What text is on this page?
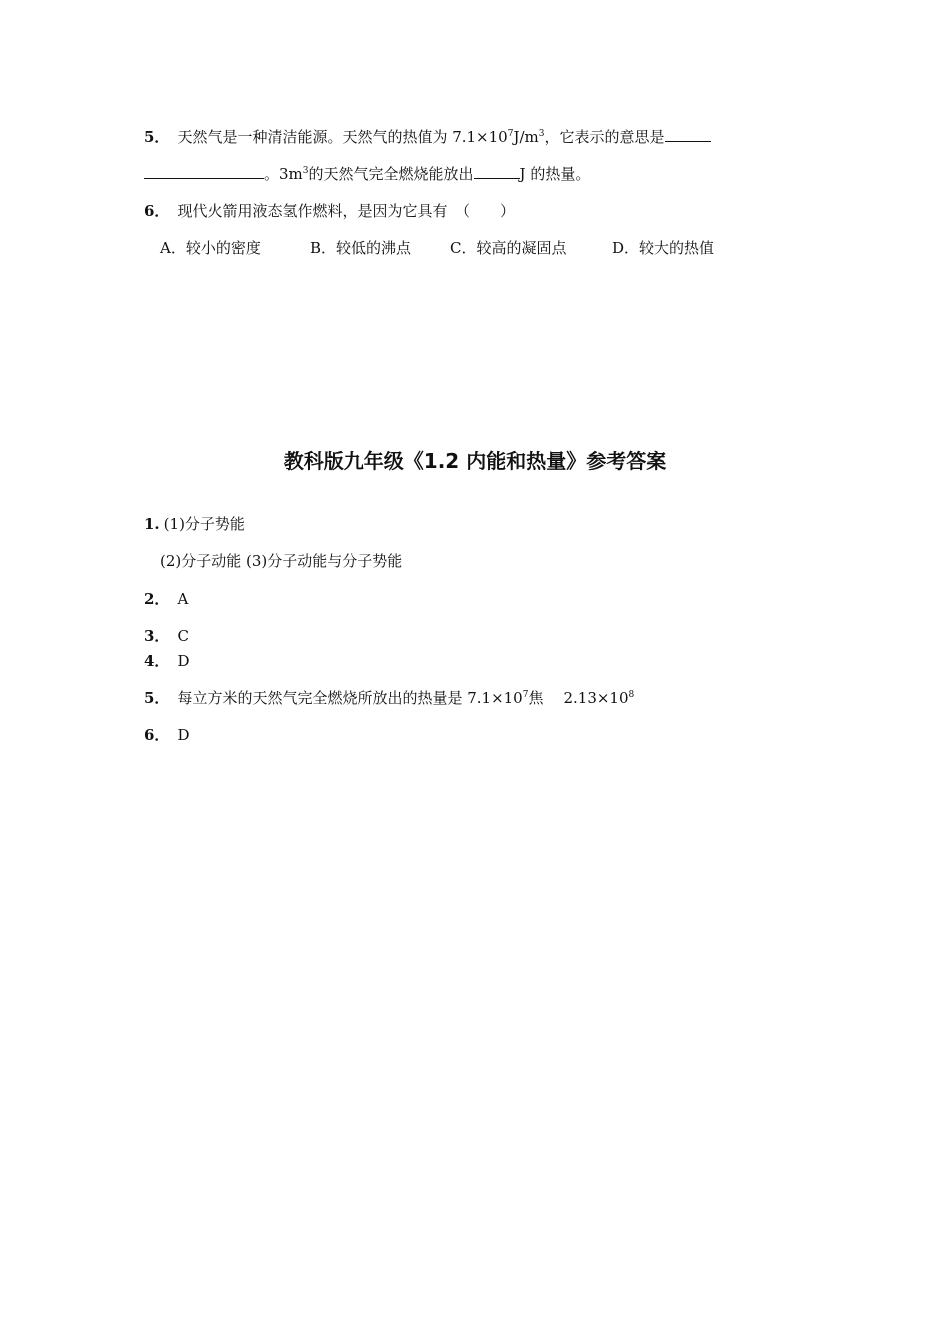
5． 天然气是一种清洁能源。天然气的热值为 $7.1\times 10^7J/m^3$，它表示的意思是
。$3m^3$的天然气完全燃烧能放出	J 的热量。
6． 现代火箭用液态氢作燃料，是因为它具有　（　　）
A．较小的密度	B．较低的沸点	C．较高的凝固点	D．较大的热值
教科版九年级《1.2 内能和热量》参考答案
1. (1)分子势能
(2)分子动能 (3)分子动能与分子势能
2． A
3． C
4． D
5． 每立方米的天然气完全燃烧所放出的热量是 $7.1\times 10^7$焦 $2.13\times 10^8$
6． D
